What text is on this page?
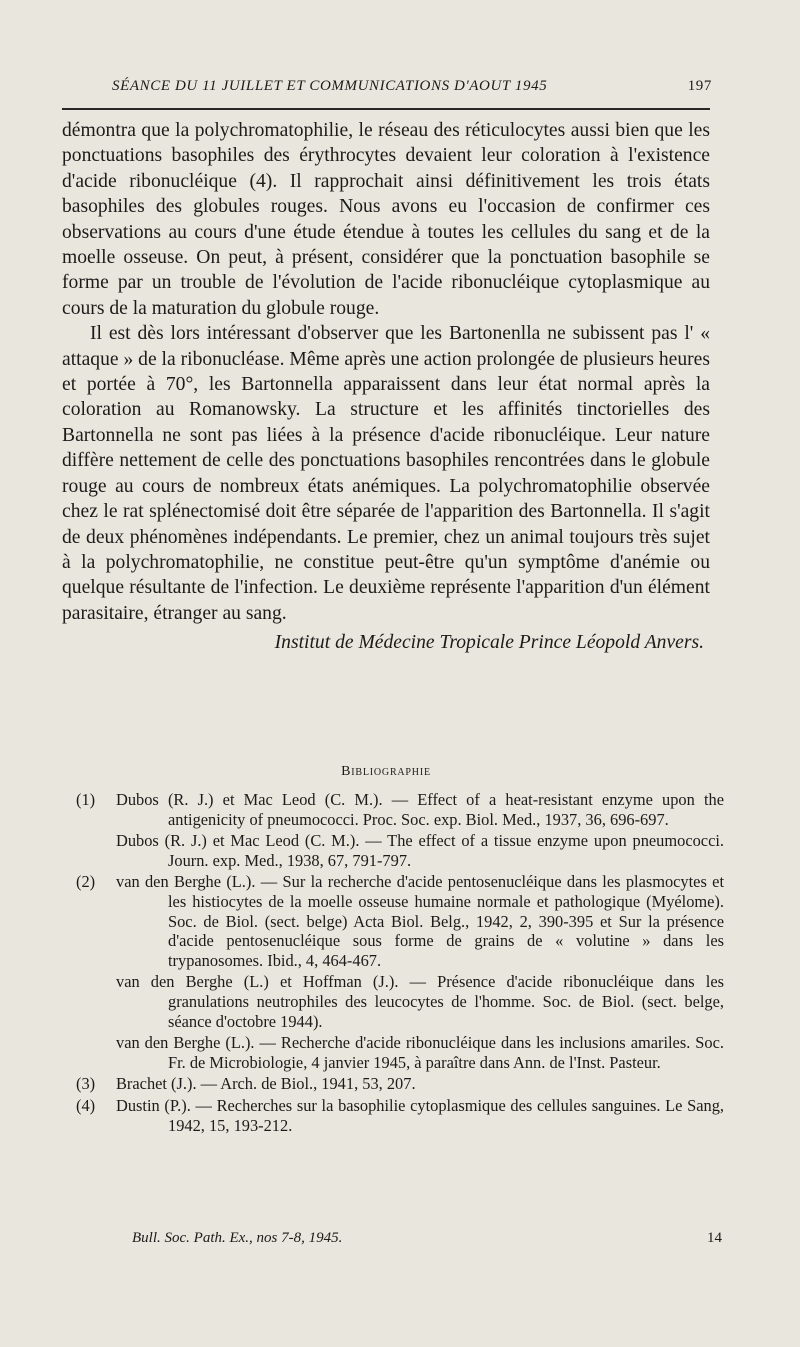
SÉANCE DU 11 JUILLET ET COMMUNICATIONS D'AOUT 1945	197

démontra que la polychromatophilie, le réseau des réticulocytes aussi bien que les ponctuations basophiles des érythrocytes devaient leur coloration à l'existence d'acide ribonucléique (4). Il rapprochait ainsi définitivement les trois états basophiles des globules rouges. Nous avons eu l'occasion de confirmer ces observations au cours d'une étude étendue à toutes les cellules du sang et de la moelle osseuse. On peut, à présent, considérer que la ponctuation basophile se forme par un trouble de l'évolution de l'acide ribonucléique cytoplasmique au cours de la maturation du globule rouge.

Il est dès lors intéressant d'observer que les Bartonenlla ne subissent pas l' « attaque » de la ribonucléase. Même après une action prolongée de plusieurs heures et portée à 70°, les Bartonnella apparaissent dans leur état normal après la coloration au Romanowsky. La structure et les affinités tinctorielles des Bartonnella ne sont pas liées à la présence d'acide ribonucléique. Leur nature diffère nettement de celle des ponctuations basophiles rencontrées dans le globule rouge au cours de nombreux états anémiques. La polychromatophilie observée chez le rat splénectomisé doit être séparée de l'apparition des Bartonnella. Il s'agit de deux phénomènes indépendants. Le premier, chez un animal toujours très sujet à la polychromatophilie, ne constitue peut-être qu'un symptôme d'anémie ou quelque résultante de l'infection. Le deuxième représente l'apparition d'un élément parasitaire, étranger au sang.

Institut de Médecine Tropicale Prince Léopold Anvers.

Bibliographie
(1)	Dubos (R. J.) et Mac Leod (C. M.). — Effect of a heat-resistant enzyme upon the antigenicity of pneumococci. Proc. Soc. exp. Biol. Med., 1937, 36, 696-697.
Dubos (R. J.) et Mac Leod (C. M.). — The effect of a tissue enzyme upon pneumococci. Journ. exp. Med., 1938, 67, 791-797.
(2)	van den Berghe (L.). — Sur la recherche d'acide pentosenucléique dans les plasmocytes et les histiocytes de la moelle osseuse humaine normale et pathologique (Myélome). Soc. de Biol. (sect. belge) Acta Biol. Belg., 1942, 2, 390-395 et Sur la présence d'acide pentosenucléique sous forme de grains de « volutine » dans les trypanosomes. Ibid., 4, 464-467.
van den Berghe (L.) et Hoffman (J.). — Présence d'acide ribonucléique dans les granulations neutrophiles des leucocytes de l'homme. Soc. de Biol. (sect. belge, séance d'octobre 1944).
van den Berghe (L.). — Recherche d'acide ribonucléique dans les inclusions amariles. Soc. Fr. de Microbiologie, 4 janvier 1945, à paraître dans Ann. de l'Inst. Pasteur.
(3)	Brachet (J.). — Arch. de Biol., 1941, 53, 207.
(4)	Dustin (P.). — Recherches sur la basophilie cytoplasmique des cellules sanguines. Le Sang, 1942, 15, 193-212.
Bull. Soc. Path. Ex., nos 7-8, 1945.	14
